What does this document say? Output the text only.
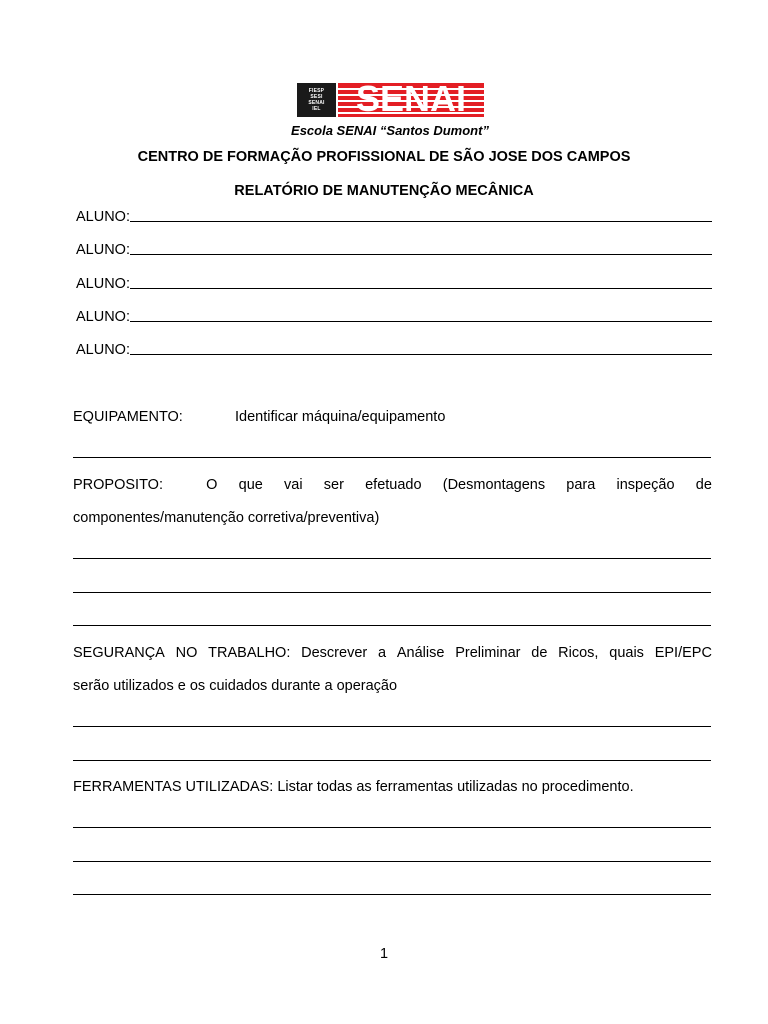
FIESP
SESI
SENAI
IEL SENAI
Escola SENAI “Santos Dumont”
CENTRO DE FORMAÇÃO PROFISSIONAL DE SÃO JOSE DOS CAMPOS
RELATÓRIO DE MANUTENÇÃO MECÂNICA
ALUNO:
ALUNO:
ALUNO:
ALUNO:
ALUNO:
EQUIPAMENTO:	Identificar máquina/equipamento
PROPOSITO:	O que vai ser efetuado (Desmontagens para inspeção de
componentes/manutenção corretiva/preventiva)
SEGURANÇA NO TRABALHO: Descrever a Análise Preliminar de Ricos, quais EPI/EPC
serão utilizados e os cuidados durante a operação
FERRAMENTAS UTILIZADAS: Listar todas as ferramentas utilizadas no procedimento.
1
